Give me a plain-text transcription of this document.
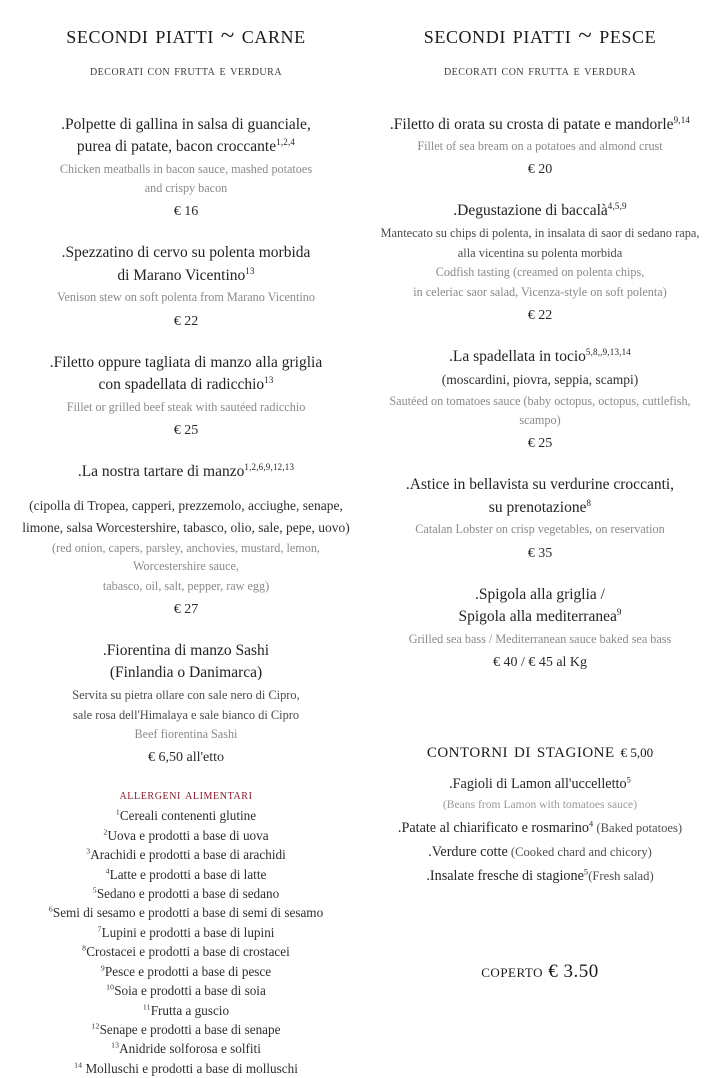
secondi piatti ~ carne
decorati con frutta e verdura
.Polpette di gallina in salsa di guanciale,
purea di patate, bacon croccante$^{1,2,4}$
Chicken meatballs in bacon sauce, mashed potatoes
and crispy bacon
€ 16
.Spezzatino di cervo su polenta morbida
di Marano Vicentino$^{13}$
Venison stew on soft polenta from Marano Vicentino
€ 22
.Filetto oppure tagliata di manzo alla griglia
con spadellata di radicchio$^{13}$
Fillet or grilled beef steak with sautéed radicchio
€ 25
.La nostra tartare di manzo$^{1,2,6,9,12,13}$
(cipolla di Tropea, capperi, prezzemolo, acciughe, senape,
limone, salsa Worcestershire, tabasco, olio, sale, pepe, uovo)
(red onion, capers, parsley, anchovies, mustard, lemon, Worcestershire sauce,
tabasco, oil, salt, pepper, raw egg)
€ 27
.Fiorentina di manzo Sashi
(Finlandia o Danimarca)
Servita su pietra ollare con sale nero di Cipro,
sale rosa dell'Himalaya e sale bianco di Cipro
Beef fiorentina Sashi
€ 6,50 all'etto
allergeni alimentari
$^1$Cereali contenenti glutine
$^2$Uova e prodotti a base di uova
$^3$Arachidi e prodotti a base di arachidi
$^4$Latte e prodotti a base di latte
$^5$Sedano e prodotti a base di sedano
$^6$Semi di sesamo e prodotti a base di semi di sesamo
$^7$Lupini e prodotti a base di lupini
$^8$Crostacei e prodotti a base di crostacei
$^9$Pesce e prodotti a base di pesce
$^{10}$Soia e prodotti a base di soia
$^{11}$Frutta a guscio
$^{12}$Senape e prodotti a base di senape
$^{13}$Anidride solforosa e solfiti
$^{14}$ Molluschi e prodotti a base di molluschi
secondi piatti ~ pesce
decorati con frutta e verdura
.Filetto di orata su crosta di patate e mandorle$^{9,14}$
Fillet of sea bream on a potatoes and almond crust
€ 20
.Degustazione di baccalà$^{4,5,9}$
Mantecato su chips di polenta, in insalata di saor di sedano rapa,
alla vicentina su polenta morbida
Codfish tasting (creamed on polenta chips,
in celeriac saor salad, Vicenza-style on soft polenta)
€ 22
.La spadellata in tocio$^{5,8,,9,13,14}$
(moscardini, piovra, seppia, scampi)
Sautéed on tomatoes sauce (baby octopus, octopus, cuttlefish,
scampo)
€ 25
.Astice in bellavista su verdurine croccanti,
su prenotazione$^8$
Catalan Lobster on crisp vegetables, on reservation
€ 35
.Spigola alla griglia /
Spigola alla mediterranea$^9$
Grilled sea bass / Mediterranean sauce baked sea bass
€ 40 / € 45 al Kg
contorni di stagione € 5,00
.Fagioli di Lamon all'uccelletto$^5$
(Beans from Lamon with tomatoes sauce)
.Patate al chiarificato e rosmarino$^4$ (Baked potatoes)
.Verdure cotte (Cooked chard and chicory)
.Insalate fresche di stagione$^5$(Fresh salad)
coperto € 3.50
